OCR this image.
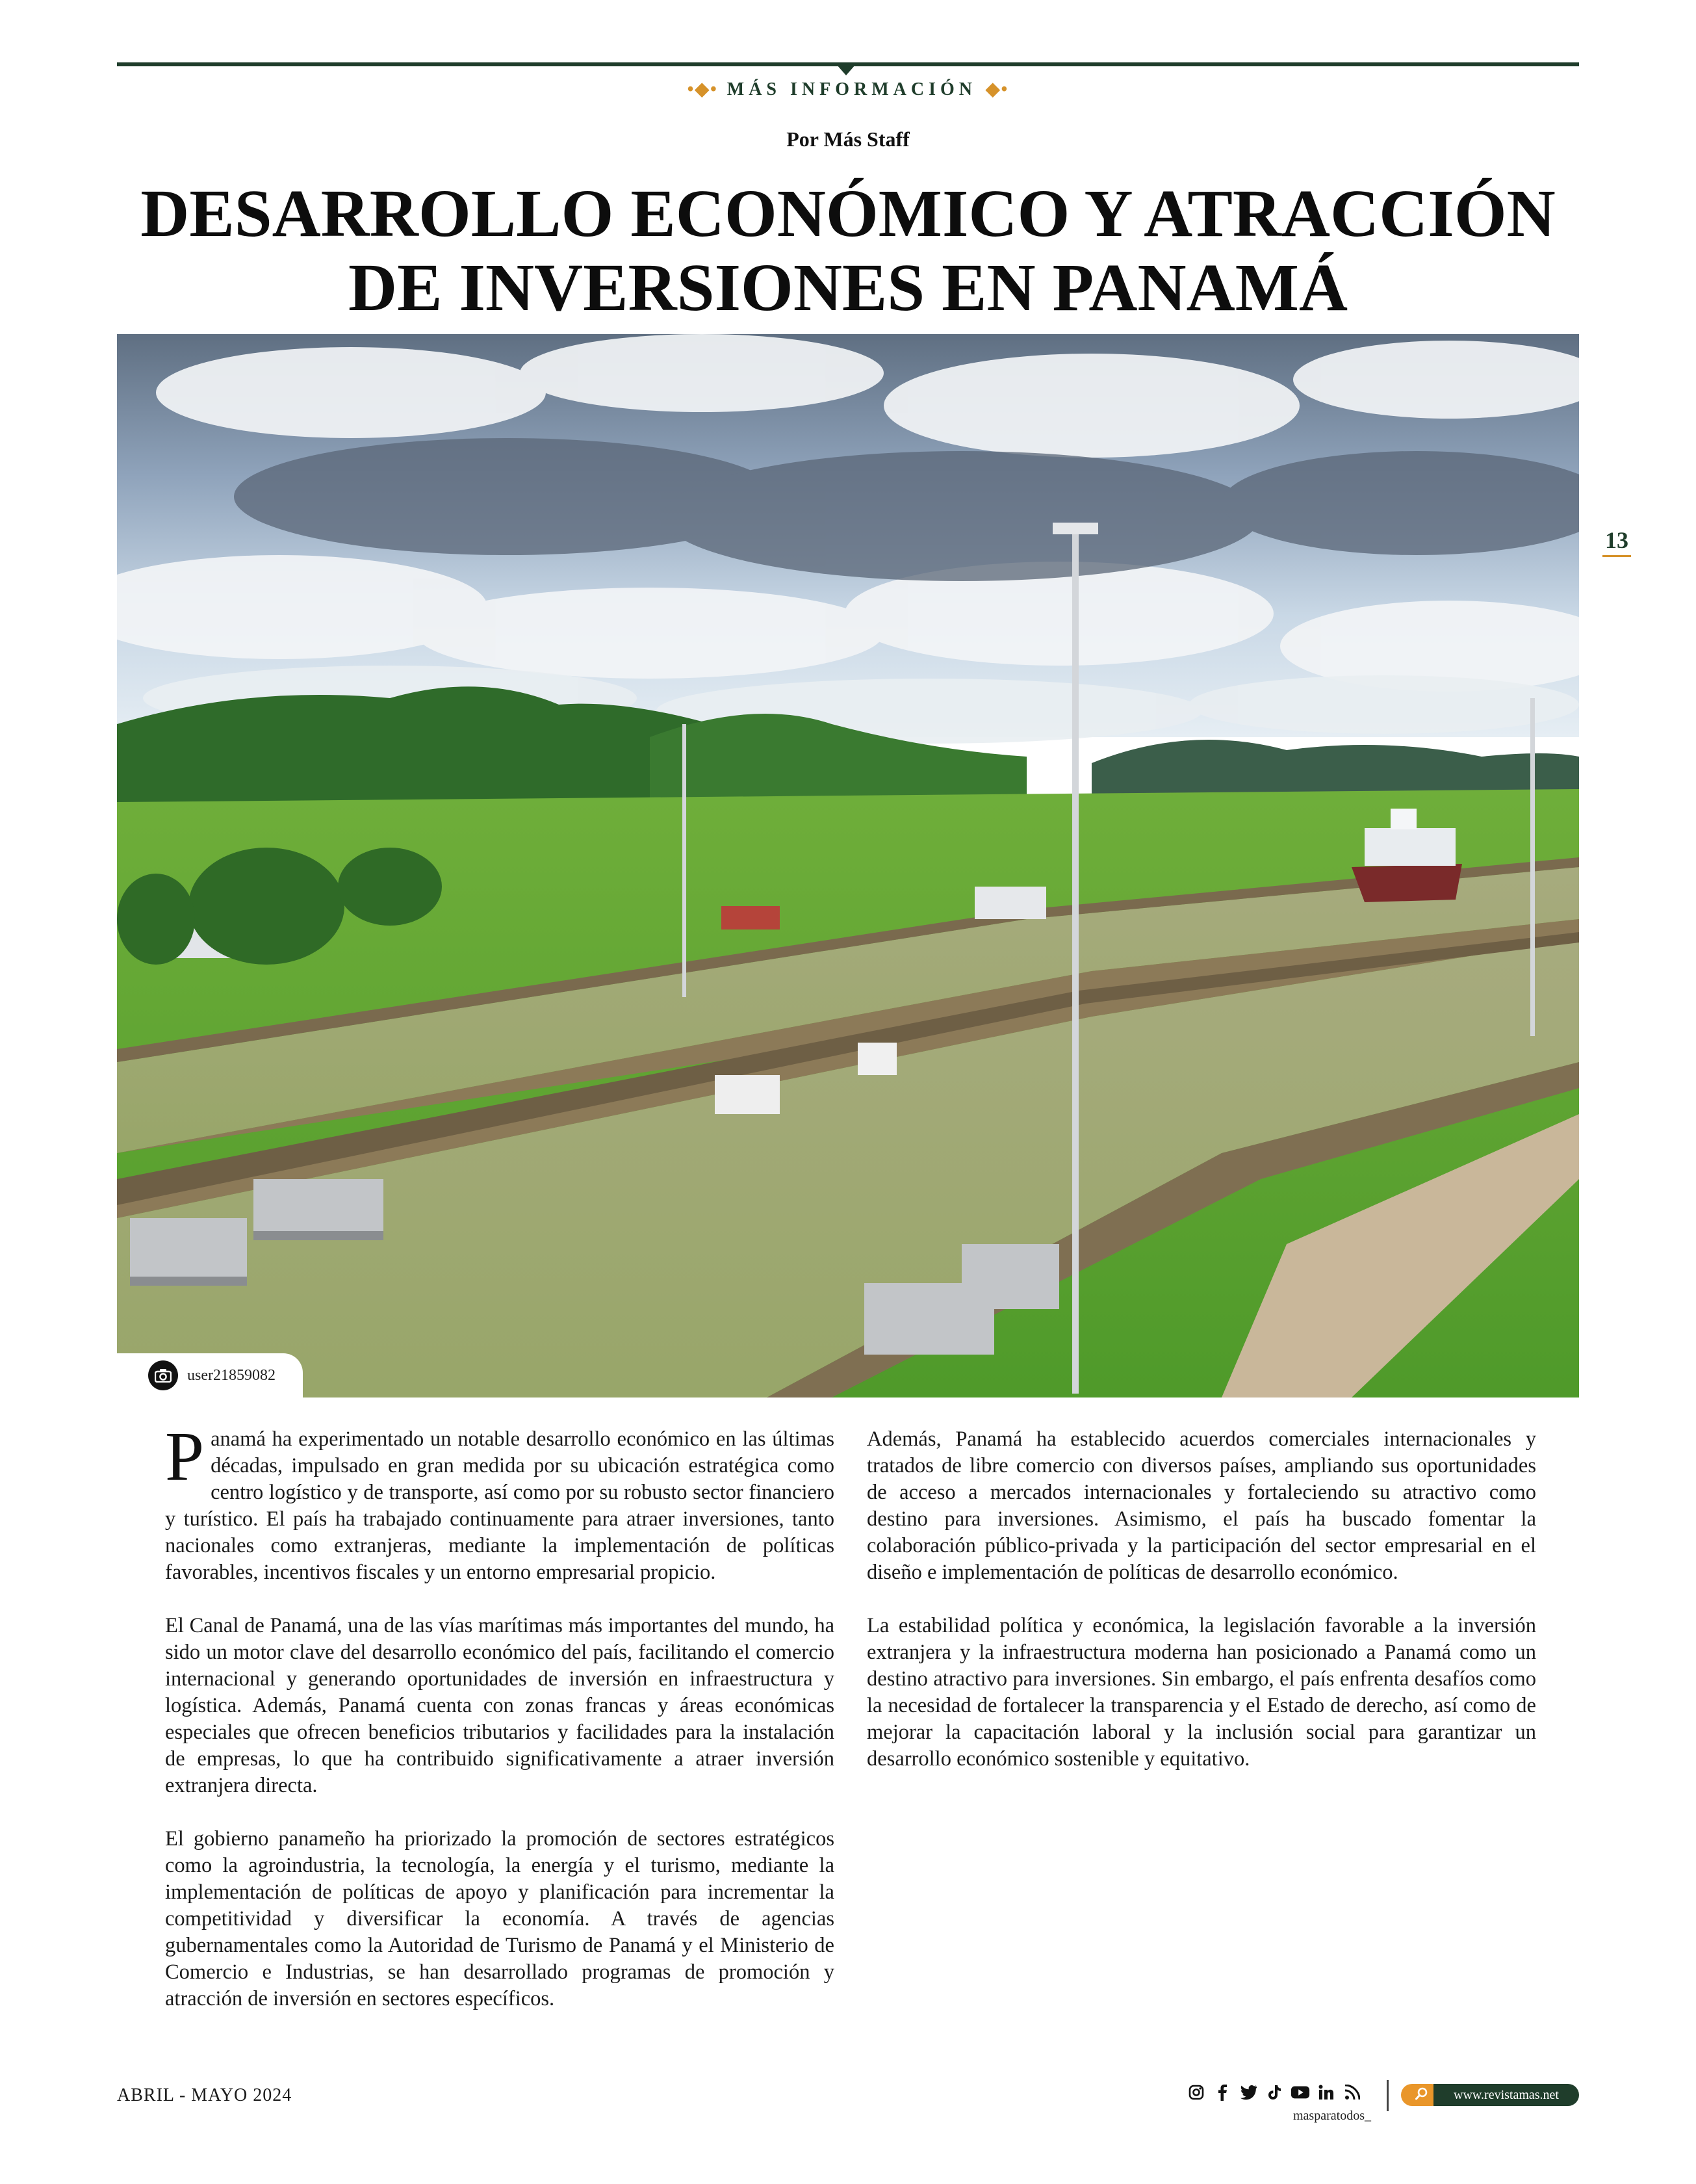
•◆• MÁS INFORMACIÓN ◆•
Por Más Staff
DESARROLLO ECONÓMICO Y ATRACCIÓN
DE INVERSIONES EN PANAMÁ
13
user21859082

Panamá ha experimentado un notable desarrollo económico en las últimas décadas, impulsado en gran medida por su ubicación estratégica como centro logístico y de transporte, así como por su robusto sector financiero y turístico. El país ha trabajado continuamente para atraer inversiones, tanto nacionales como extranjeras, mediante la implementación de políticas favorables, incentivos fiscales y un entorno empresarial propicio.

El Canal de Panamá, una de las vías marítimas más importantes del mundo, ha sido un motor clave del desarrollo económico del país, facilitando el comercio internacional y generando oportunidades de inversión en infraestructura y logística. Además, Panamá cuenta con zonas francas y áreas económicas especiales que ofrecen beneficios tributarios y facilidades para la instalación de empresas, lo que ha contribuido significativamente a atraer inversión extranjera directa.

El gobierno panameño ha priorizado la promoción de sectores estratégicos como la agroindustria, la tecnología, la energía y el turismo, mediante la implementación de políticas de apoyo y planificación para incrementar la competitividad y diversificar la economía. A través de agencias gubernamentales como la Autoridad de Turismo de Panamá y el Ministerio de Comercio e Industrias, se han desarrollado programas de promoción y atracción de inversión en sectores específicos.

Además, Panamá ha establecido acuerdos comerciales internacionales y tratados de libre comercio con diversos países, ampliando sus oportunidades de acceso a mercados internacionales y fortaleciendo su atractivo como destino para inversiones. Asimismo, el país ha buscado fomentar la colaboración público-privada y la participación del sector empresarial en el diseño e implementación de políticas de desarrollo económico.

La estabilidad política y económica, la legislación favorable a la inversión extranjera y la infraestructura moderna han posicionado a Panamá como un destino atractivo para inversiones. Sin embargo, el país enfrenta desafíos como la necesidad de fortalecer la transparencia y el Estado de derecho, así como de mejorar la capacitación laboral y la inclusión social para garantizar un desarrollo económico sostenible y equitativo.

ABRIL - MAYO 2024
masparatodos_
www.revistamas.net
